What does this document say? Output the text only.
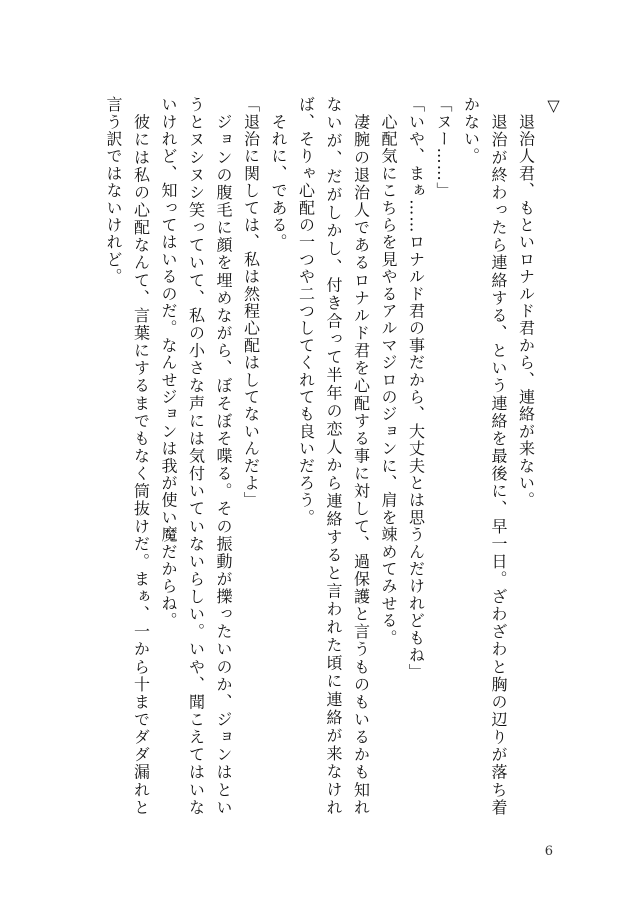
▽

　退治人君、もといロナルド君から、連絡が来ない。

　退治が終わったら連絡する、という連絡を最後に、早一日。ざわざわと胸の辺りが落ち着かない。

「ヌー……」

「いや、まぁ……ロナルド君の事だから、大丈夫とは思うんだけれどもね」

　心配気にこちらを見やるアルマジロのジョンに、肩を竦めてみせる。

　凄腕の退治人であるロナルド君を心配する事に対して、過保護と言うものもいるかも知れないが、だがしかし、付き合って半年の恋人から連絡すると言われた頃に連絡が来なければ、そりゃ心配の一つや二つしてくれても良いだろう。

　それに、である。

「退治に関しては、私は然程心配はしてないんだよ」

　ジョンの腹毛に顔を埋めながら、ぼそぼそ喋る。その振動が擽ったいのか、ジョンはというとヌシヌシ笑っていて、私の小さな声には気付いていないらしい。いや、聞こえてはいないけれど、知ってはいるのだ。なんせジョンは我が使い魔だからね。

　彼には私の心配なんて、言葉にするまでもなく筒抜けだ。まぁ、一から十までダダ漏れと言う訳ではないけれど。

6
